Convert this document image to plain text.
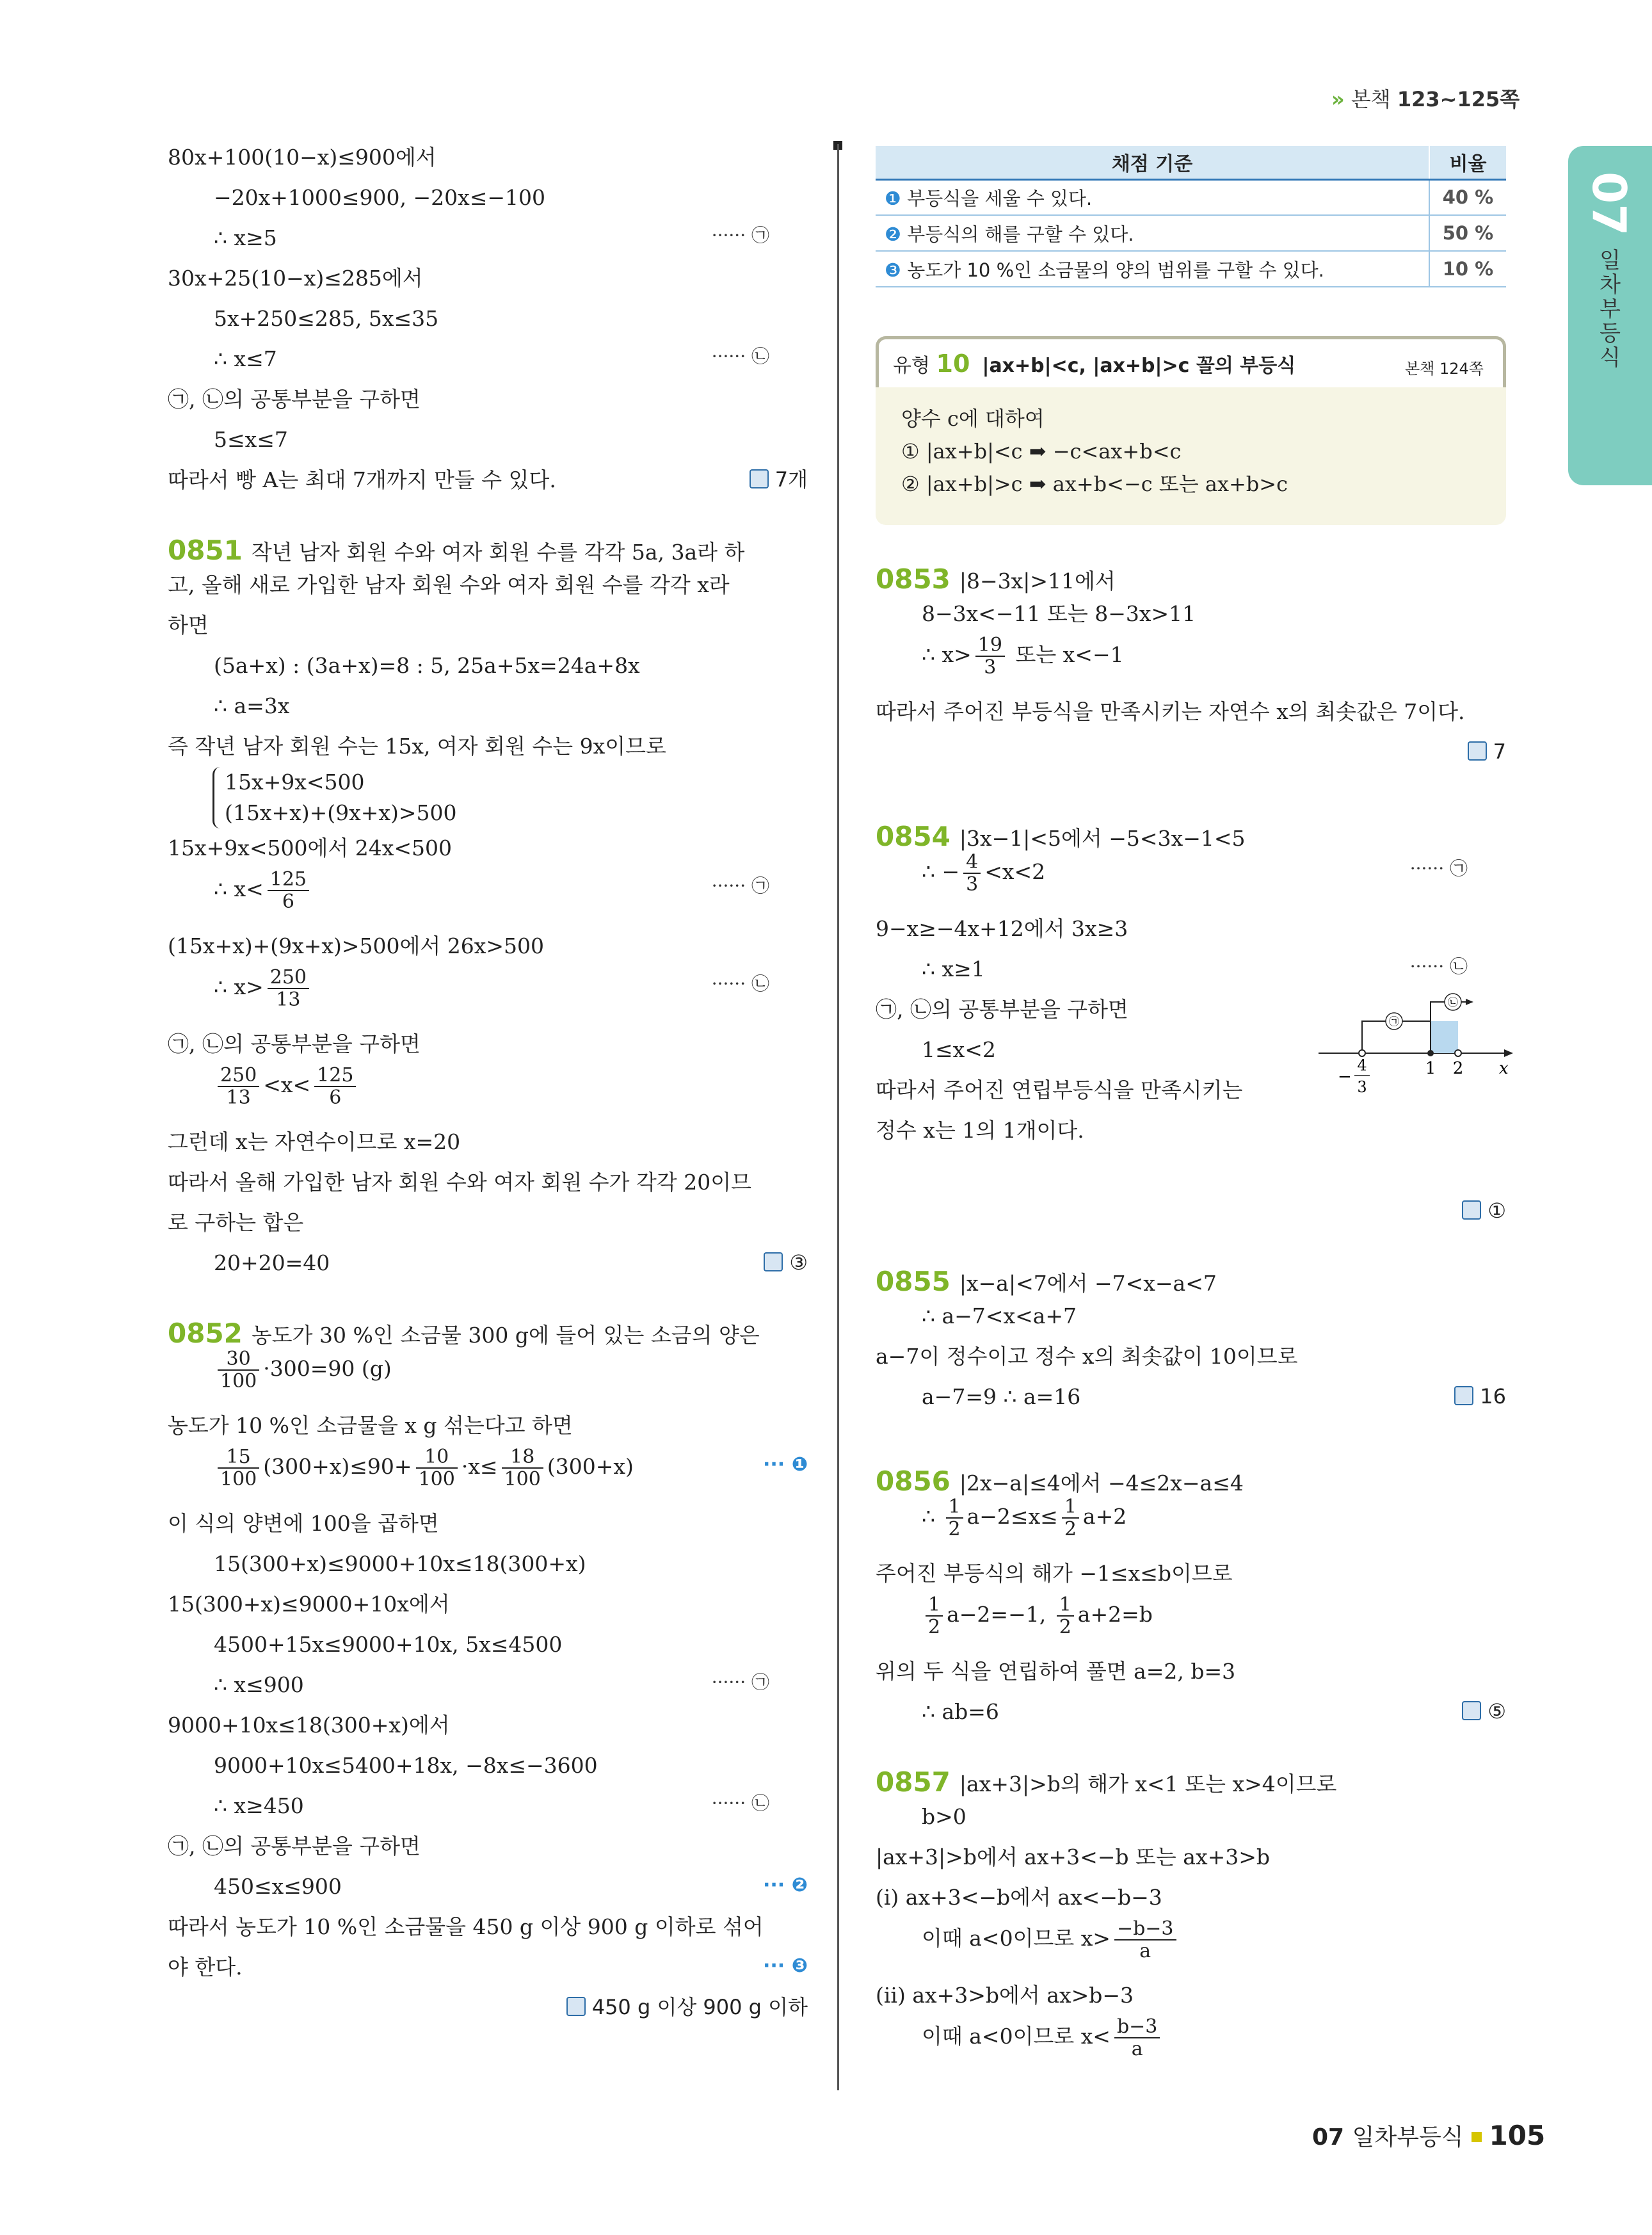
» 본책 123~125쪽
07
일차부등식
80x+100(10−x)≤900에서
−20x+1000≤900, −20x≤−100
∴ x≥5	······ ㉠
30x+25(10−x)≤285에서
5x+250≤285, 5x≤35
∴ x≤7	······ ㉡
㉠, ㉡의 공통부분을 구하면
5≤x≤7
따라서 빵 A는 최대 7개까지 만들 수 있다.	7개
0851 작년 남자 회원 수와 여자 회원 수를 각각 5a, 3a라 하
고, 올해 새로 가입한 남자 회원 수와 여자 회원 수를 각각 x라
하면
(5a+x) : (3a+x)=8 : 5, 25a+5x=24a+8x
∴ a=3x
즉 작년 남자 회원 수는 15x, 여자 회원 수는 9x이므로
15x+9x<500
(15x+x)+(9x+x)>500
15x+9x<500에서 24x<500
∴ $x< \frac{125}{6}$	······ ㉠
(15x+x)+(9x+x)>500에서 26x>500
∴ $x> \frac{250}{13}$	······ ㉡
㉠, ㉡의 공통부분을 구하면
$\frac{250}{13} <x< \frac{125}{6}$
그런데 x는 자연수이므로 x=20
따라서 올해 가입한 남자 회원 수와 여자 회원 수가 각각 20이므
로 구하는 합은
20+20=40	③
0852 농도가 30 %인 소금물 300 g에 들어 있는 소금의 양은
$\frac{30}{100} \cdot 300=90$ (g)
농도가 10 %인 소금물을 x g 섞는다고 하면
$\frac{15}{100} (300+x)\le 90+ \frac{10}{100} \cdot x\le \frac{18}{100} (300+x)$	··· ❶
이 식의 양변에 100을 곱하면
15(300+x)≤9000+10x≤18(300+x)
15(300+x)≤9000+10x에서
4500+15x≤9000+10x, 5x≤4500
∴ x≤900	······ ㉠
9000+10x≤18(300+x)에서
9000+10x≤5400+18x, −8x≤−3600
∴ x≥450	······ ㉡
㉠, ㉡의 공통부분을 구하면
450≤x≤900	··· ❷
따라서 농도가 10 %인 소금물을 450 g 이상 900 g 이하로 섞어
야 한다.	··· ❸
450 g 이상 900 g 이하
채점 기준	비율
❶ 부등식을 세울 수 있다.	40 %
❷ 부등식의 해를 구할 수 있다.	50 %
❸ 농도가 10 %인 소금물의 양의 범위를 구할 수 있다.	10 %
유형 10 |ax+b|<c, |ax+b|>c 꼴의 부등식	본책 124쪽
양수 c에 대하여
① |ax+b|<c ➡ −c<ax+b<c
② |ax+b|>c ➡ ax+b<−c 또는 ax+b>c
0853 |8−3x|>11에서
8−3x<−11 또는 8−3x>11
∴ $x> \frac{19}{3}$ 또는 x<−1
따라서 주어진 부등식을 만족시키는 자연수 x의 최솟값은 7이다.
7
0854 |3x−1|<5에서 −5<3x−1<5
∴ − $\frac{4}{3} <x<2$	······ ㉠
9−x≥−4x+12에서 3x≥3
∴ x≥1	······ ㉡
㉠, ㉡의 공통부분을 구하면
1≤x<2
따라서 주어진 연립부등식을 만족시키는
정수 x는 1의 1개이다.
①
0855 |x−a|<7에서 −7<x−a<7
∴ a−7<x<a+7
a−7이 정수이고 정수 x의 최솟값이 10이므로
a−7=9 ∴ a=16	16
0856 |2x−a|≤4에서 −4≤2x−a≤4
∴ $\frac{1}{2} a-2\le x\le \frac{1}{2} a+2$
주어진 부등식의 해가 −1≤x≤b이므로
$\frac{1}{2} a-2=-1$, $\frac{1}{2} a+2=b$
위의 두 식을 연립하여 풀면 a=2, b=3
∴ ab=6	⑤
0857 |ax+3|>b의 해가 x<1 또는 x>4이므로
b>0
|ax+3|>b에서 ax+3<−b 또는 ax+3>b
(ⅰ) ax+3<−b에서 ax<−b−3
이때 a<0이므로 $x> \frac{-b-3}{a}$
(ⅱ) ax+3>b에서 ax>b−3
이때 a<0이므로 $x< \frac{b-3}{a}$
㉠
㉡
−
4
3
1 2 x
07 일차부등식 105
